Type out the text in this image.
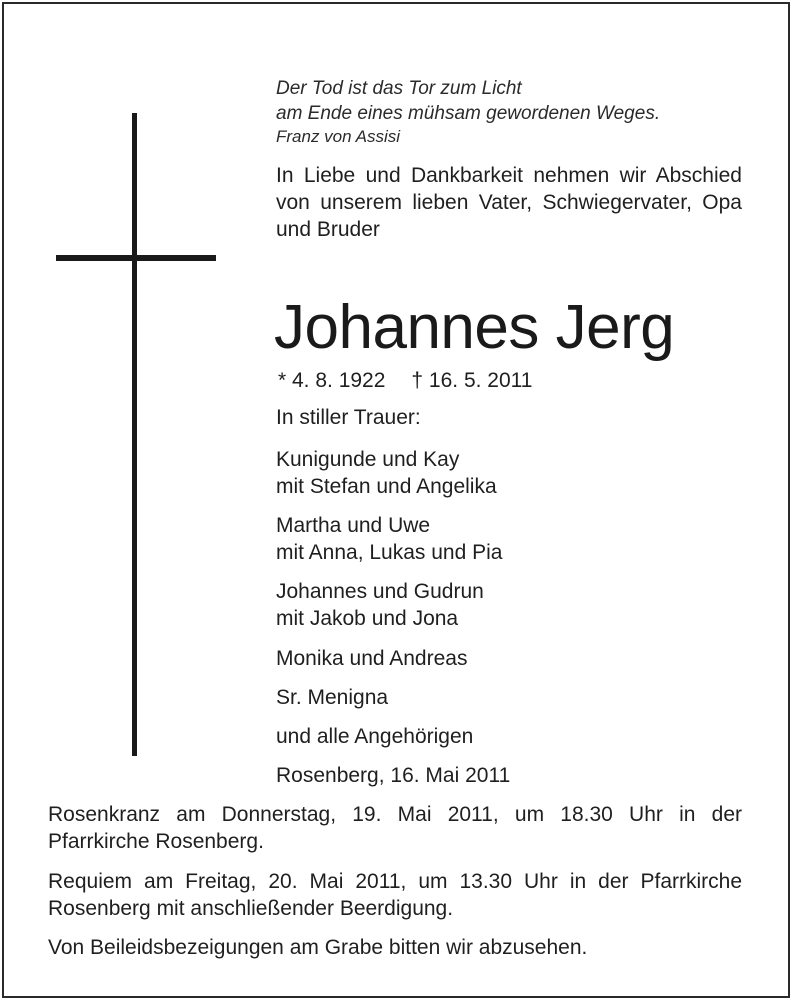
Der Tod ist das Tor zum Licht
am Ende eines mühsam gewordenen Weges.
Franz von Assisi
In Liebe und Dankbarkeit nehmen wir Abschied von unserem lieben Vater, Schwiegervater, Opa und Bruder
Johannes Jerg
* 4. 8. 1922 † 16. 5. 2011
In stiller Trauer:
Kunigunde und Kay
mit Stefan und Angelika
Martha und Uwe
mit Anna, Lukas und Pia
Johannes und Gudrun
mit Jakob und Jona
Monika und Andreas
Sr. Menigna
und alle Angehörigen
Rosenberg, 16. Mai 2011
Rosenkranz am Donnerstag, 19. Mai 2011, um 18.30 Uhr in der Pfarrkirche Rosenberg.
Requiem am Freitag, 20. Mai 2011, um 13.30 Uhr in der Pfarrkirche Rosenberg mit anschließender Beerdigung.
Von Beileidsbezeigungen am Grabe bitten wir abzusehen.
